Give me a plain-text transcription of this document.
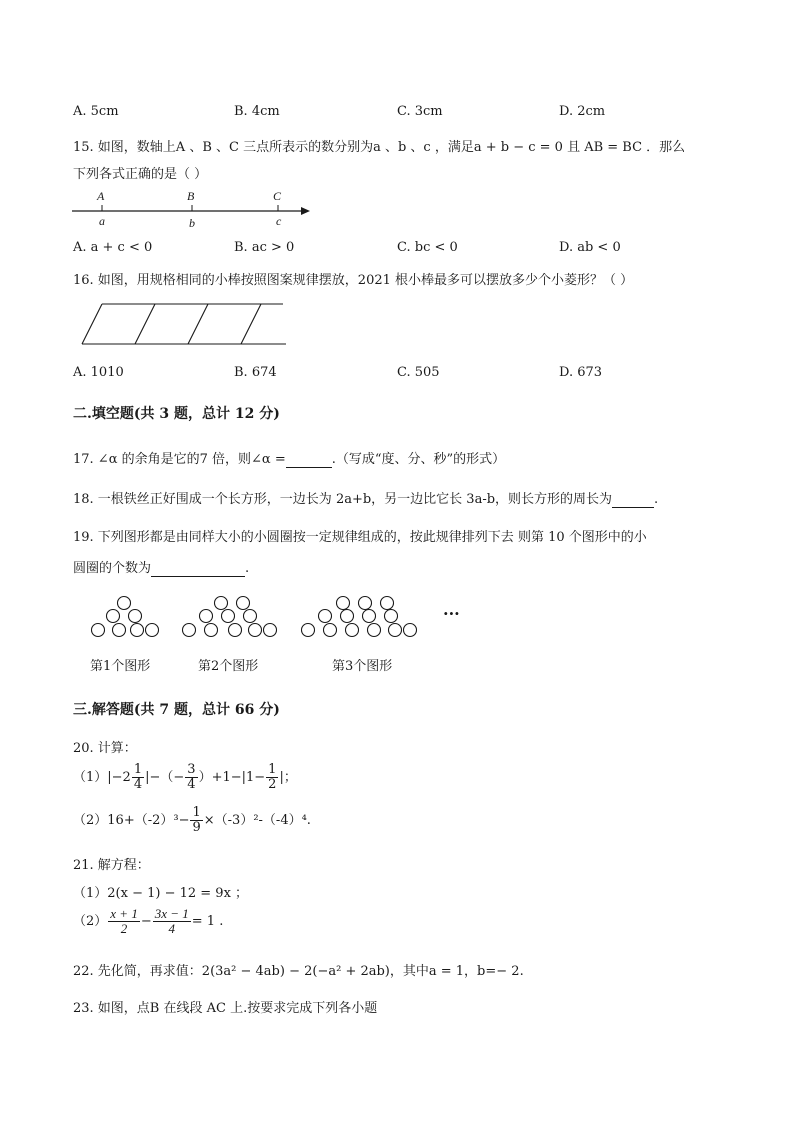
A. 5cm	B. 4cm	C. 3cm	D. 2cm
15. 如图，数轴上A 、B 、C 三点所表示的数分别为a 、b 、c ，满足a + b − c = 0 且 AB = BC ．那么
下列各式正确的是（ ）
A	B	C
a	b	c
A. a + c < 0	B. ac > 0	C. bc < 0	D. ab < 0
16. 如图，用规格相同的小棒按照图案规律摆放，2021 根小棒最多可以摆放多少个小菱形？（ ）
A. 1010	B. 674	C. 505	D. 673
二.填空题(共 3 题，总计 12 分)
17. ∠α 的余角是它的7 倍，则∠α =	.（写成“度、分、秒”的形式）
18. 一根铁丝正好围成一个长方形，一边长为 2a+b，另一边比它长 3a-b，则长方形的周长为	.
19. 下列图形都是由同样大小的小圆圈按一定规律组成的，按此规律排列下去 则第 10 个图形中的小
圆圈的个数为	.
···
第1个图形	第2个图形	第3个图形
三.解答题(共 7 题，总计 66 分)
20. 计算：
$(1)|-2 \frac{1}{4}$ |−（− $\frac{3}{4} )+1-|1- \frac{1}{2}$ |；
$(2)16+(-2)^3- \frac{1}{9} \times(-3)^2-(-4)^4$.
21. 解方程：
（1）2(x − 1) − 12 = 9x ；
$(2) \frac{x + 1}{2} - \frac{3x - 1}{4} = 1$ .
22. 先化简，再求值：2(3a² − 4ab) − 2(−a² + 2ab)，其中a = 1，b=− 2.
23. 如图，点B 在线段 AC 上.按要求完成下列各小题
